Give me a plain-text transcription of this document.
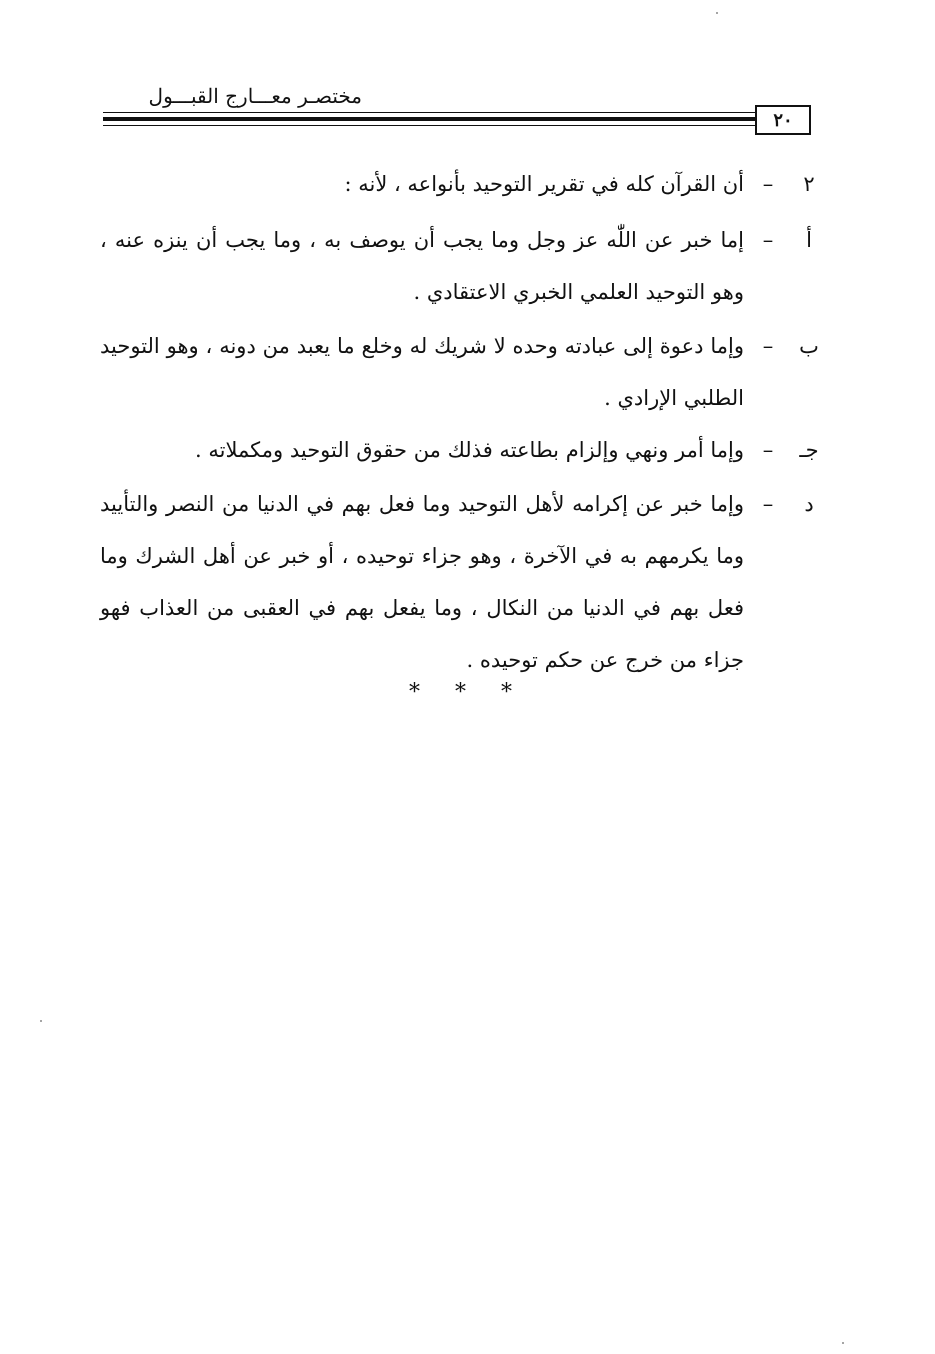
مختصـر معـــارج القبـــول
٢٠
٢
–
أن القرآن كله في تقرير التوحيد بأنواعه ، لأنه :
أ
–
إما خبر عن اللّٰه عز وجل وما يجب أن يوصف به ، وما يجب أن ينزه عنه ، وهو التوحيد العلمي الخبري الاعتقادي .
ب
–
وإما دعوة إلى عبادته وحده لا شريك له وخلع ما يعبد من دونه ، وهو التوحيد الطلبي الإرادي .
جـ
–
وإما أمر ونهي وإلزام بطاعته فذلك من حقوق التوحيد ومكملاته .
د
–
وإما خبر عن إكرامه لأهل التوحيد وما فعل بهم في الدنيا من النصر والتأييد وما يكرمهم به في الآخرة ، وهو جزاء توحيده ، أو خبر عن أهل الشرك وما فعل بهم في الدنيا من النكال ، وما يفعل بهم في العقبى من العذاب فهو جزاء من خرج عن حكم توحيده .
* * *
